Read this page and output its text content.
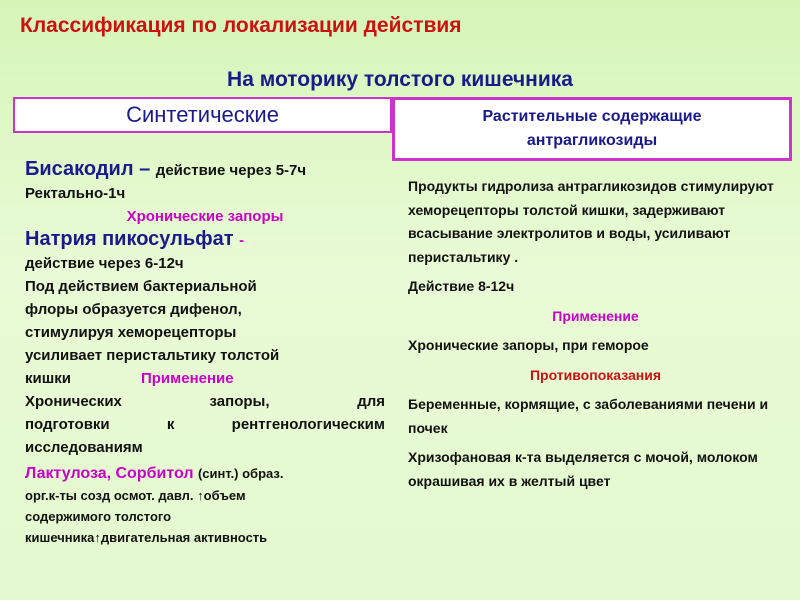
Классификация по локализации действия
На моторику толстого кишечника
Синтетические	Растительные содержащие антрагликозиды

Бисакодил – действие через 5-7ч

Ректально-1ч

Хронические запоры

Натрия пикосульфат -

действие через 6-12ч

Под действием бактериальной

флоры образуется дифенол,

стимулируя хеморецепторы

усиливает перистальтику толстой

кишки	Применение

Хронических запоры, для

подготовки к рентгенологическим

исследованиям

Лактулоза, Сорбитол (синт.) образ.

орг.к-ты созд осмот. давл. ↑объем

содержимого толстого

кишечника↑двигательная активность

Продукты гидролиза антрагликозидов стимулируют хеморецепторы толстой кишки, задерживают всасывание электролитов и воды, усиливают перистальтику .

Действие 8-12ч

Применение

Хронические запоры, при геморое

Противопоказания

Беременные, кормящие, с заболеваниями печени и почек

Хризофановая к-та выделяется с мочой, молоком окрашивая их в желтый цвет
